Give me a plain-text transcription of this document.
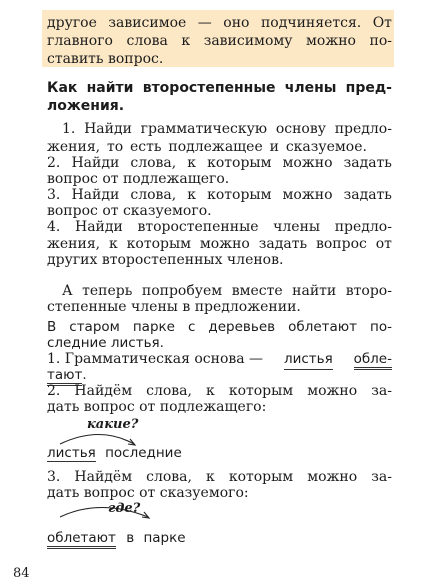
другое зависимое — оно подчиняется. От
главного слова к зависимому можно по-
ставить вопрос.
Как найти второстепенные члены пред-
ложения.
1. Найди грамматическую основу предло-
жения, то есть подлежащее и сказуемое.
2. Найди слова, к которым можно задать
вопрос от подлежащего.
3. Найди слова, к которым можно задать
вопрос от сказуемого.
4. Найди второстепенные члены предло-
жения, к которым можно задать вопрос от
других второстепенных членов.
А теперь попробуем вместе найти второ-
степенные члены в предложении.
В старом парке с деревьев облетают по-
следние листья.
1. Грамматическая основа — листья обле-
тают.
2. Найдём слова, к которым можно за-
дать вопрос от подлежащего:
какие?
листья последние
3. Найдём слова, к которым можно за-
дать вопрос от сказуемого:
где?
облетают в парке
84
